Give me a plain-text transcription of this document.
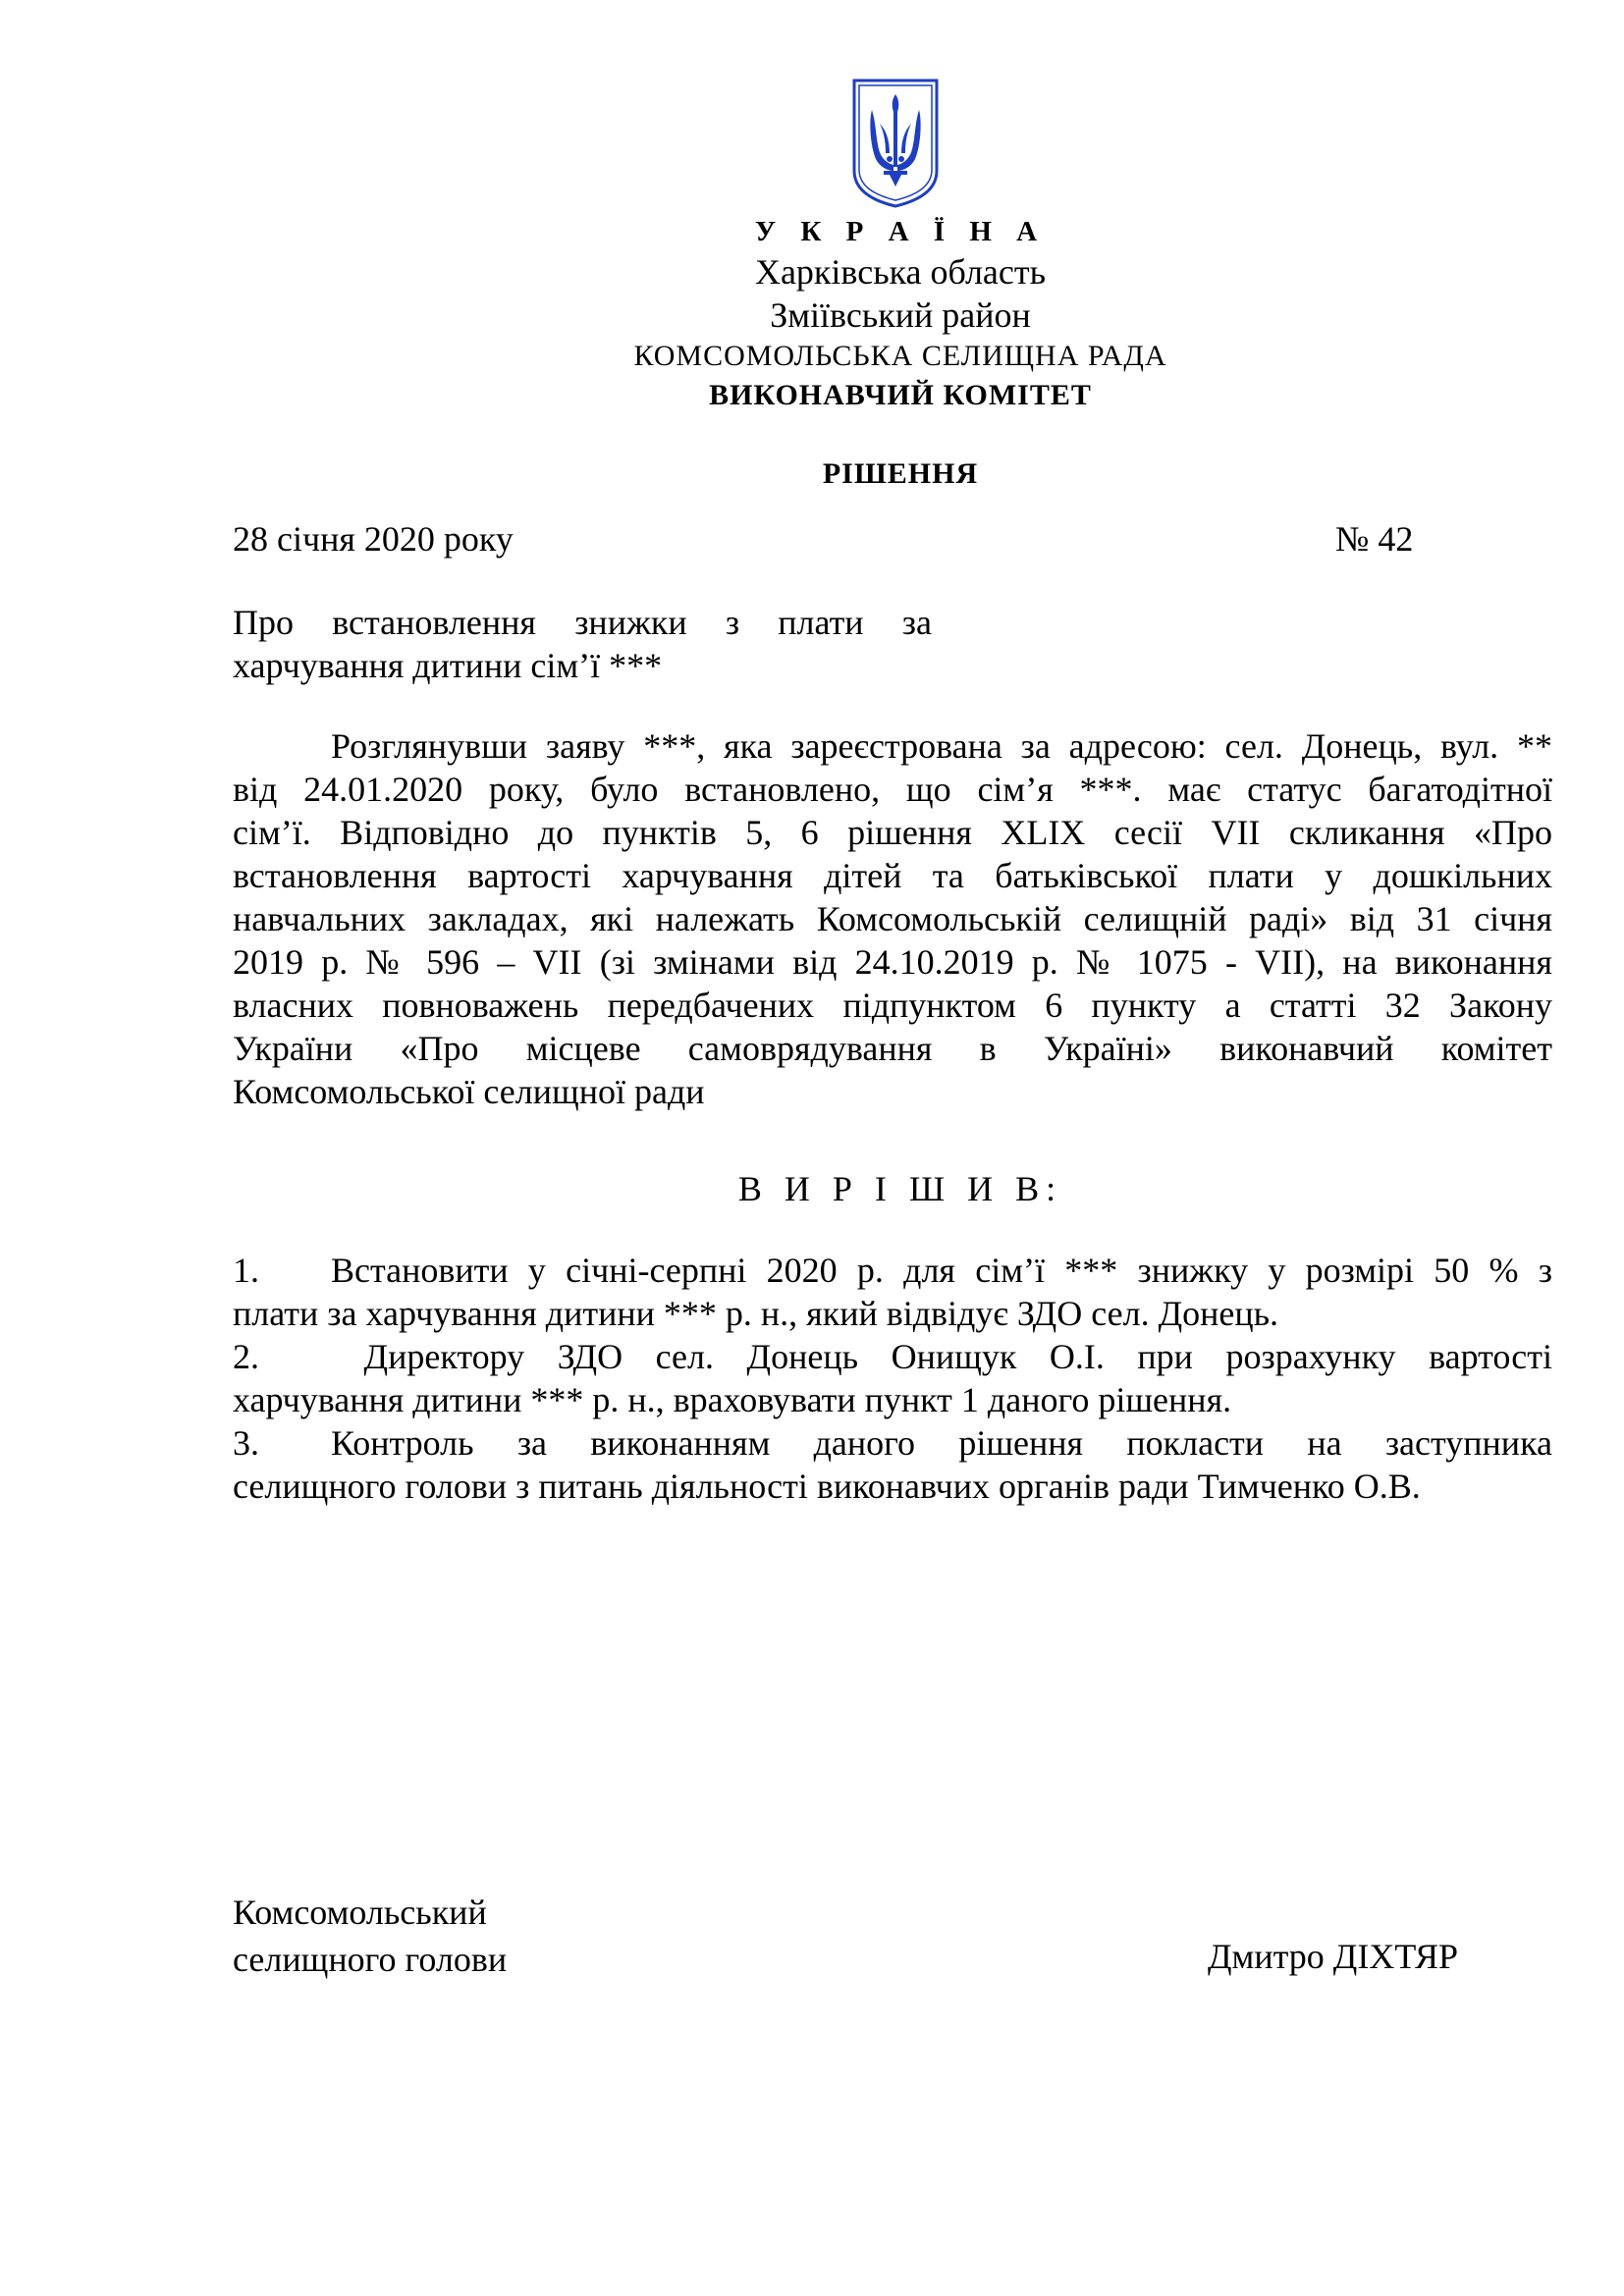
У К Р А Ї Н А
Харківська область
Зміївський район
КОМСОМОЛЬСЬКА СЕЛИЩНА РАДА
ВИКОНАВЧИЙ КОМІТЕТ
РІШЕННЯ
28 січня 2020 року	№ 42
Про встановлення знижки з плати за
харчування дитини сім’ї ***
Розглянувши заяву ***, яка зареєстрована за адресою: сел. Донець, вул. **
від 24.01.2020 року, було встановлено, що сім’я ***. має статус багатодітної
сім’ї. Відповідно до пунктів 5, 6 рішення XLIX сесії VII скликання «Про
встановлення вартості харчування дітей та батьківської плати у дошкільних
навчальних закладах, які належать Комсомольській селищній раді» від 31 січня
2019 р. № 596 – VII (зі змінами від 24.10.2019 р. № 1075 - VII), на виконання
власних повноважень передбачених підпунктом 6 пункту а статті 32 Закону
України «Про місцеве самоврядування в Україні» виконавчий комітет
Комсомольської селищної ради
В И Р І Ш И В:
1. Встановити у січні-серпні 2020 р. для сім’ї *** знижку у розмірі 50 % з
плати за харчування дитини *** р. н., який відвідує ЗДО сел. Донець.
2. Директору ЗДО сел. Донець Онищук О.І. при розрахунку вартості
харчування дитини *** р. н., враховувати пункт 1 даного рішення.
3. Контроль за виконанням даного рішення покласти на заступника
селищного голови з питань діяльності виконавчих органів ради Тимченко О.В.
Комсомольський
селищного голови	Дмитро ДІХТЯР
